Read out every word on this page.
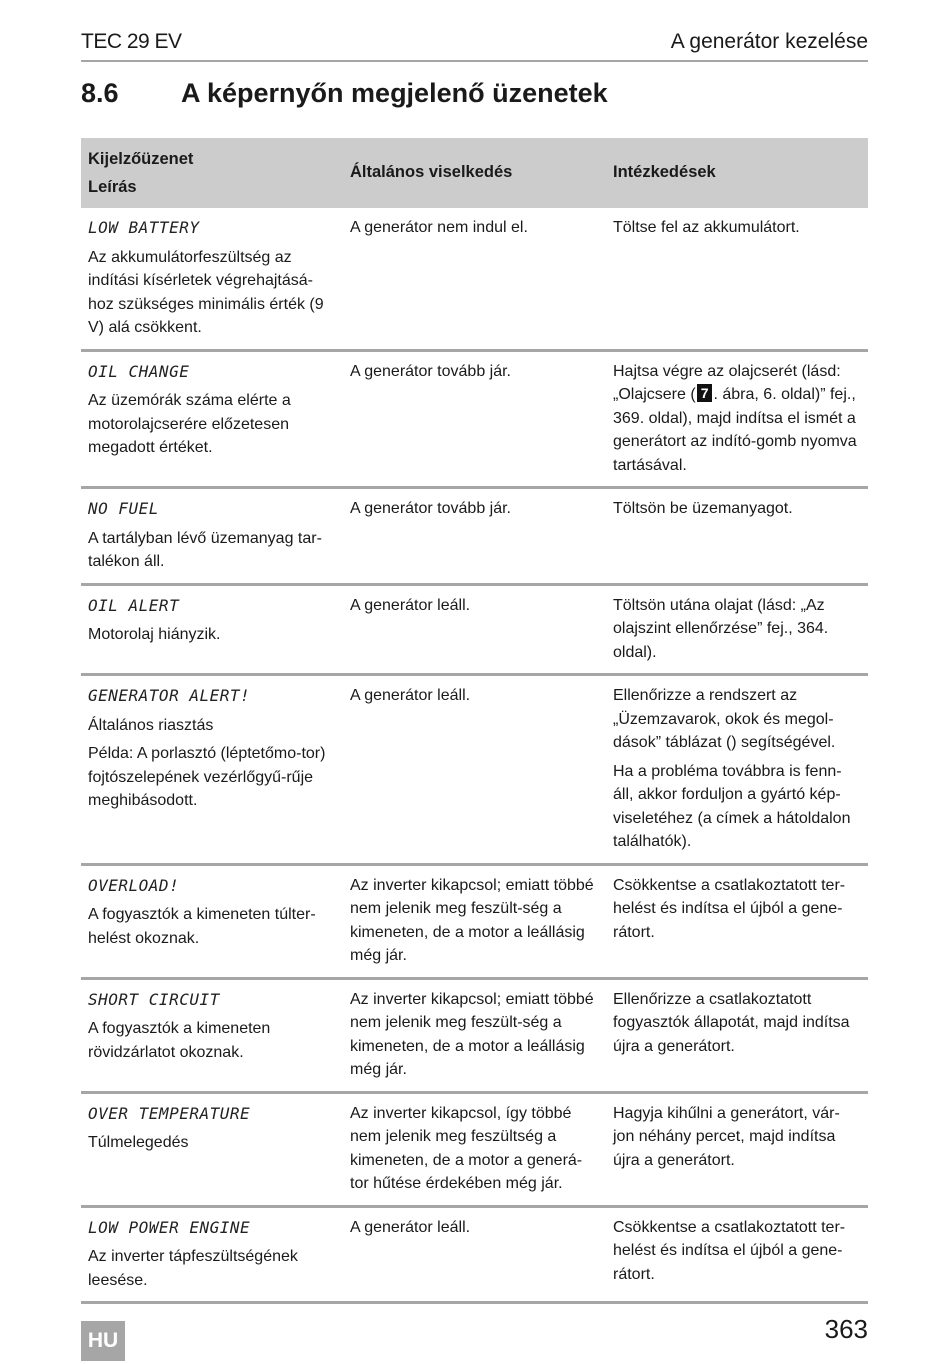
TEC 29 EV	A generátor kezelése
8.6 A képernyőn megjelenő üzenetek
Kijelzőüzenet
Leírás	Általános viselkedés	Intézkedések

LOW BATTERY
Az akkumulátorfeszültség az indítási kísérletek végrehajtásá-hoz szükséges minimális érték (9 V) alá csökkent.	A generátor nem indul el.	Töltse fel az akkumulátort.

OIL CHANGE
Az üzemórák száma elérte a motorolajcserére előzetesen megadott értéket.	A generátor tovább jár.	Hajtsa végre az olajcserét (lásd: „Olajcsere ( 7 . ábra, 6. oldal)” fej., 369. oldal), majd indítsa el ismét a generátort az indító-gomb nyomva tartásával.

NO FUEL
A tartályban lévő üzemanyag tar-talékon áll.	A generátor tovább jár.	Töltsön be üzemanyagot.

OIL ALERT
Motorolaj hiányzik.	A generátor leáll.	Töltsön utána olajat (lásd: „Az olajszint ellenőrzése” fej., 364. oldal).

GENERATOR ALERT!
Általános riasztás
Példa: A porlasztó (léptetőmo-tor) fojtószelepének vezérlőgyű-rűje meghibásodott.	A generátor leáll.	Ellenőrizze a rendszert az „Üzemzavarok, okok és megol-dások” táblázat () segítségével.
Ha a probléma továbbra is fenn-áll, akkor forduljon a gyártó kép-viseletéhez (a címek a hátoldalon találhatók).

OVERLOAD!
A fogyasztók a kimeneten túlter-helést okoznak.	Az inverter kikapcsol; emiatt többé nem jelenik meg feszült-ség a kimeneten, de a motor a leállásig még jár.	Csökkentse a csatlakoztatott ter-helést és indítsa el újból a gene-rátort.

SHORT CIRCUIT
A fogyasztók a kimeneten rövidzárlatot okoznak.	Az inverter kikapcsol; emiatt többé nem jelenik meg feszült-ség a kimeneten, de a motor a leállásig még jár.	Ellenőrizze a csatlakoztatott fogyasztók állapotát, majd indítsa újra a generátort.

OVER TEMPERATURE
Túlmelegedés	Az inverter kikapcsol, így többé nem jelenik meg feszültség a kimeneten, de a motor a generá-tor hűtése érdekében még jár.	Hagyja kihűlni a generátort, vár-jon néhány percet, majd indítsa újra a generátort.

LOW POWER ENGINE
Az inverter tápfeszültségének leesése.	A generátor leáll.	Csökkentse a csatlakoztatott ter-helést és indítsa el újból a gene-rátort.
HU	363
